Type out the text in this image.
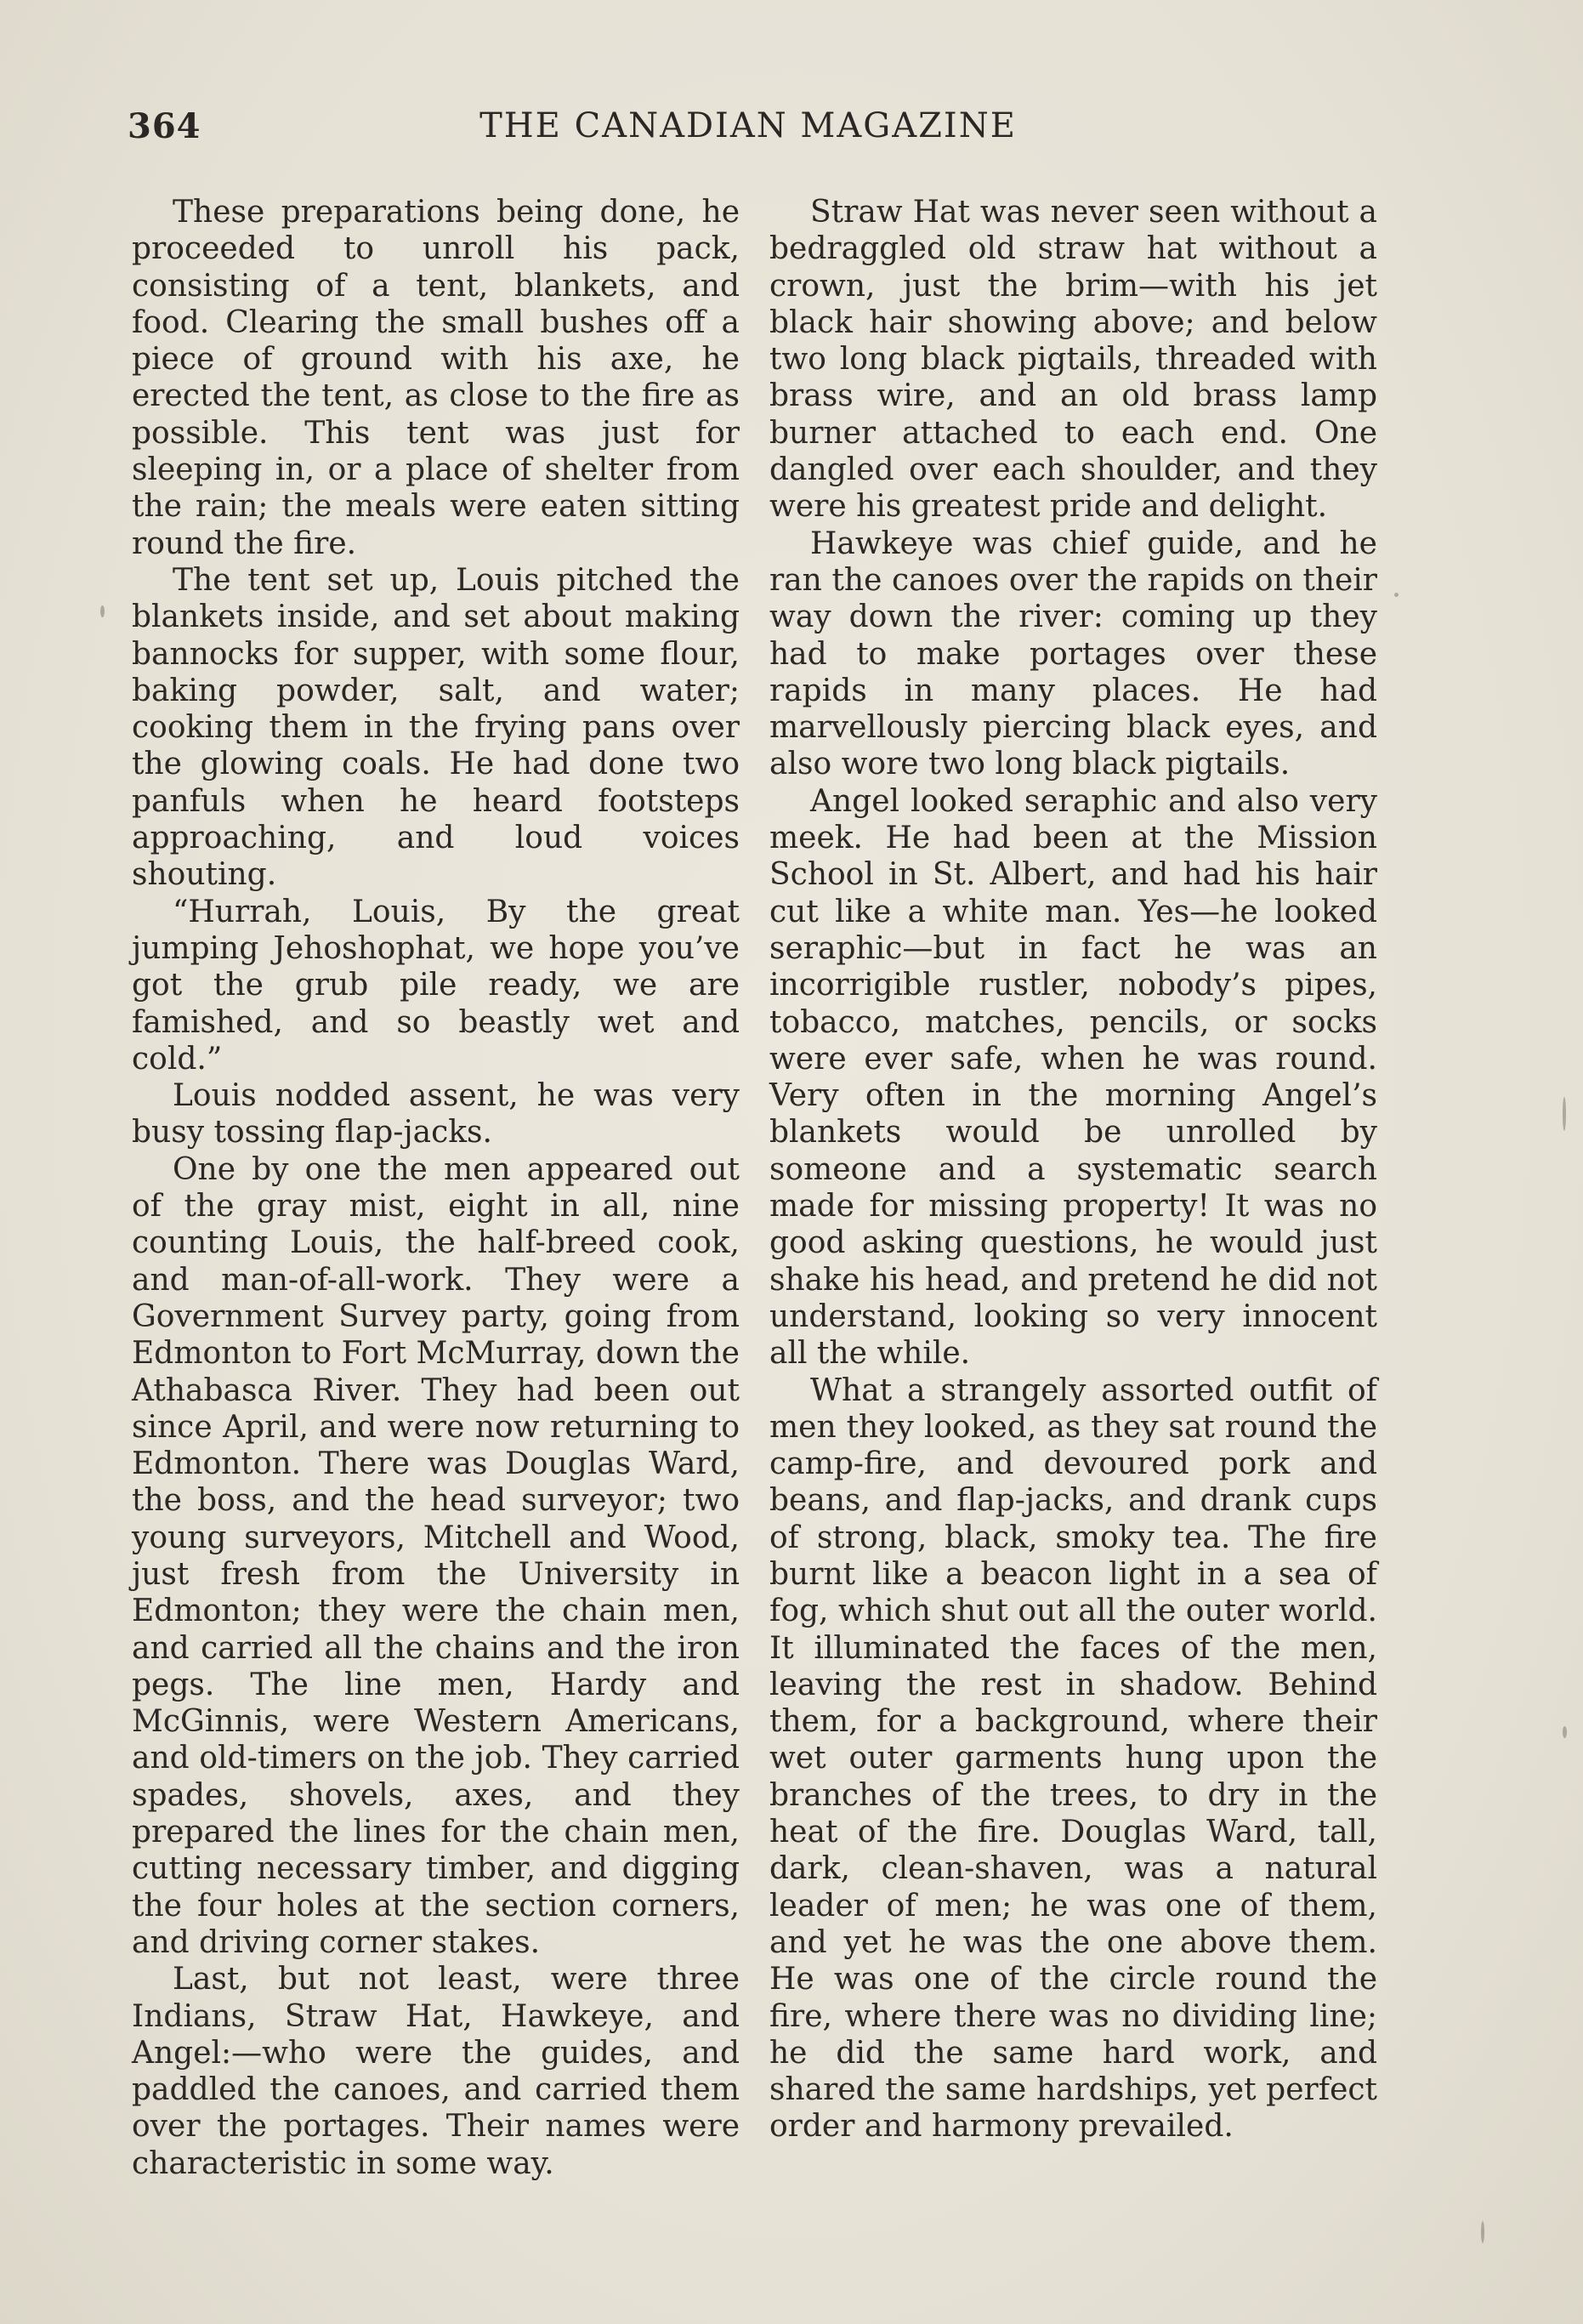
364	THE CANADIAN MAGAZINE

These preparations being done, he proceeded to unroll his pack, consisting of a tent, blankets, and food. Clearing the small bushes off a piece of ground with his axe, he erected the tent, as close to the fire as possible. This tent was just for sleeping in, or a place of shelter from the rain; the meals were eaten sitting round the fire.

The tent set up, Louis pitched the blankets inside, and set about making bannocks for supper, with some flour, baking powder, salt, and water; cooking them in the frying pans over the glowing coals. He had done two panfuls when he heard footsteps approaching, and loud voices shouting.

“Hurrah, Louis, By the great jumping Jehoshophat, we hope you’ve got the grub pile ready, we are famished, and so beastly wet and cold.”

Louis nodded assent, he was very busy tossing flap-jacks.

One by one the men appeared out of the gray mist, eight in all, nine counting Louis, the half-breed cook, and man-of-all-work. They were a Government Survey party, going from Edmonton to Fort McMurray, down the Athabasca River. They had been out since April, and were now returning to Edmonton. There was Douglas Ward, the boss, and the head surveyor; two young surveyors, Mitchell and Wood, just fresh from the University in Edmonton; they were the chain men, and carried all the chains and the iron pegs. The line men, Hardy and McGinnis, were Western Americans, and old-timers on the job. They carried spades, shovels, axes, and they prepared the lines for the chain men, cutting necessary timber, and digging the four holes at the section corners, and driving corner stakes.

Last, but not least, were three Indians, Straw Hat, Hawkeye, and Angel:—who were the guides, and paddled the canoes, and carried them over the portages. Their names were characteristic in some way.

Straw Hat was never seen without a bedraggled old straw hat without a crown, just the brim—with his jet black hair showing above; and below two long black pigtails, threaded with brass wire, and an old brass lamp burner attached to each end. One dangled over each shoulder, and they were his greatest pride and delight.

Hawkeye was chief guide, and he ran the canoes over the rapids on their way down the river: coming up they had to make portages over these rapids in many places. He had marvellously piercing black eyes, and also wore two long black pigtails.

Angel looked seraphic and also very meek. He had been at the Mission School in St. Albert, and had his hair cut like a white man. Yes—he looked seraphic—but in fact he was an incorrigible rustler, nobody’s pipes, tobacco, matches, pencils, or socks were ever safe, when he was round. Very often in the morning Angel’s blankets would be unrolled by someone and a systematic search made for missing property! It was no good asking questions, he would just shake his head, and pretend he did not understand, looking so very innocent all the while.

What a strangely assorted outfit of men they looked, as they sat round the camp-fire, and devoured pork and beans, and flap-jacks, and drank cups of strong, black, smoky tea. The fire burnt like a beacon light in a sea of fog, which shut out all the outer world. It illuminated the faces of the men, leaving the rest in shadow. Behind them, for a background, where their wet outer garments hung upon the branches of the trees, to dry in the heat of the fire. Douglas Ward, tall, dark, clean-shaven, was a natural leader of men; he was one of them, and yet he was the one above them. He was one of the circle round the fire, where there was no dividing line; he did the same hard work, and shared the same hardships, yet perfect order and harmony prevailed.
